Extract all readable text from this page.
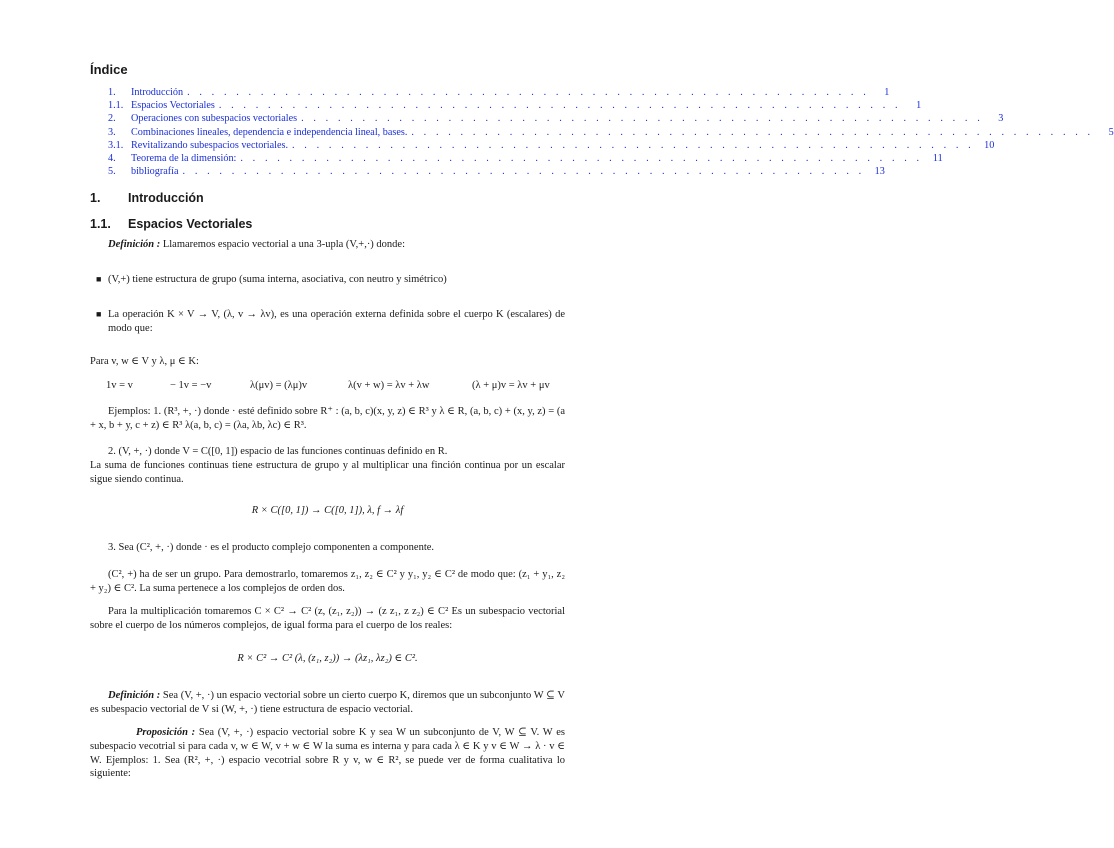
Índice
1.	Introducción . . . . . . . . . . . . . . . . . . . . . . . . . . . . . . . . . . . . . . . . . . . . . . . . . . . . . . . .	1
1.1. Espacios Vectoriales . . . . . . . . . . . . . . . . . . . . . . . . . . . . . . . . . . . . . . . . . . . . . . . . . . . . . . . .	1
2.	Operaciones con subespacios vectoriales . . . . . . . . . . . . . . . . . . . . . . . . . . . . . . . . . . . . . . . . . . . . . . . . . . . . . . . .	3
3.	Combinaciones lineales, dependencia e independencia lineal, bases. . . . . . . . . . . . . . . . . . . . . . . . . . . . . . . . . . . . . . . . . . . . . . . . . . . . . . . . .	5
3.1. Revitalizando subespacios vectoriales. . . . . . . . . . . . . . . . . . . . . . . . . . . . . . . . . . . . . . . . . . . . . . . . . . . . . . . . . 10
4.	Teorema de la dimensión: . . . . . . . . . . . . . . . . . . . . . . . . . . . . . . . . . . . . . . . . . . . . . . . . . . . . . . . . 11
5.	bibliografía . . . . . . . . . . . . . . . . . . . . . . . . . . . . . . . . . . . . . . . . . . . . . . . . . . . . . . . . 13
1. Introducción
1.1. Espacios Vectoriales
Definición : Llamaremos espacio vectorial a una 3-upla (V,+,·) donde:
■ (V,+) tiene estructura de grupo (suma interna, asociativa, con neutro y simétrico)
■ La operación K × V → V, (λ, v → λv), es una operación externa definida sobre el cuerpo K (escalares) de modo que:
Para v, w ∈ V y λ, μ ∈ K:
1v = v	− 1v = −v	λ(μv) = (λμ)v	λ(v + w) = λv + λw	(λ + μ)v = λv + μv
Ejemplos: 1. (R³, +, ·) donde · esté definido sobre R⁺ : (a, b, c)(x, y, z) ∈ R³ y λ ∈ R, (a, b, c) + (x, y, z) = (a + x, b + y, c + z) ∈ R³ λ(a, b, c) = (λa, λb, λc) ∈ R³.
2. (V, +, ·) donde V = C([0, 1]) espacio de las funciones continuas definido en R.
La suma de funciones continuas tiene estructura de grupo y al multiplicar una finción continua por un escalar sigue siendo continua.
R × C([0, 1]) → C([0, 1]), λ, f → λf
3. Sea (C², +, ·) donde · es el producto complejo componenten a componente.
(C², +) ha de ser un grupo. Para demostrarlo, tomaremos z₁, z₂ ∈ C² y y₁, y₂ ∈ C² de modo que: (z₁ + y₁, z₂ + y₂) ∈ C². La suma pertenece a los complejos de orden dos.
Para la multiplicación tomaremos C × C² → C² (z, (z₁, z₂)) → (z z₁, z z₂) ∈ C² Es un subespacio vectorial sobre el cuerpo de los números complejos, de igual forma para el cuerpo de los reales:
R × C² → C² (λ, (z₁, z₂)) → (λz₁, λz₂) ∈ C².
Definición : Sea (V, +, ·) un espacio vectorial sobre un cierto cuerpo K, diremos que un subconjunto W ⊆ V es subespacio vectorial de V si (W, +, ·) tiene estructura de espacio vectorial.
Proposición : Sea (V, +, ·) espacio vectorial sobre K y sea W un subconjunto de V, W ⊆ V. W es subespacio vecotrial si para cada v, w ∈ W, v + w ∈ W la suma es interna y para cada λ ∈ K y v ∈ W → λ · v ∈ W. Ejemplos: 1. Sea (R², +, ·) espacio vecotrial sobre R y v, w ∈ R², se puede ver de forma cualitativa lo siguiente:
